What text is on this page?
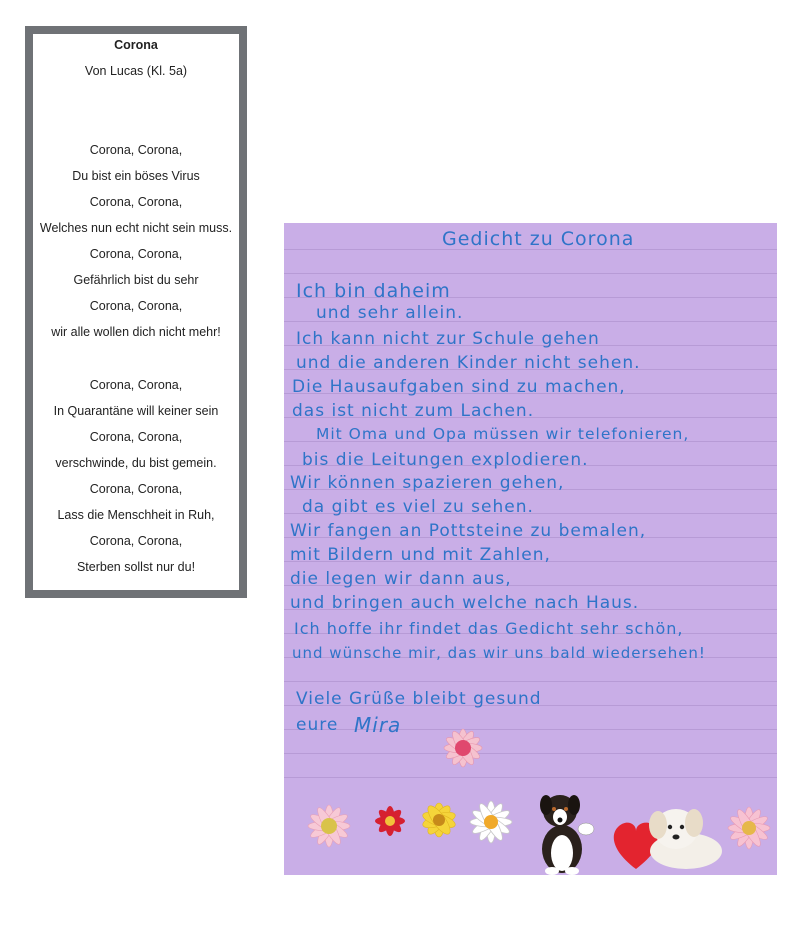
Corona
Von Lucas (Kl. 5a)
Corona, Corona,
Du bist ein böses Virus
Corona, Corona,
Welches nun echt nicht sein muss.
Corona, Corona,
Gefährlich bist du sehr
Corona, Corona,
wir alle wollen dich nicht mehr!
Corona, Corona,
In Quarantäne will keiner sein
Corona, Corona,
verschwinde, du bist gemein.
Corona, Corona,
Lass die Menschheit in Ruh,
Corona, Corona,
Sterben sollst nur du!
Gedicht zu Corona
Ich bin daheim
und sehr allein.
Ich kann nicht zur Schule gehen
und die anderen Kinder nicht sehen.
Die Hausaufgaben sind zu machen,
das ist nicht zum Lachen.
Mit Oma und Opa müssen wir telefonieren,
bis die Leitungen explodieren.
Wir können spazieren gehen,
da gibt es viel zu sehen.
Wir fangen an Pottsteine zu bemalen,
mit Bildern und mit Zahlen,
die legen wir dann aus,
und bringen auch welche nach Haus.
Ich hoffe ihr findet das Gedicht sehr schön,
und wünsche mir, das wir uns bald wiedersehen!
Viele Grüße bleibt gesund
eure Mira
